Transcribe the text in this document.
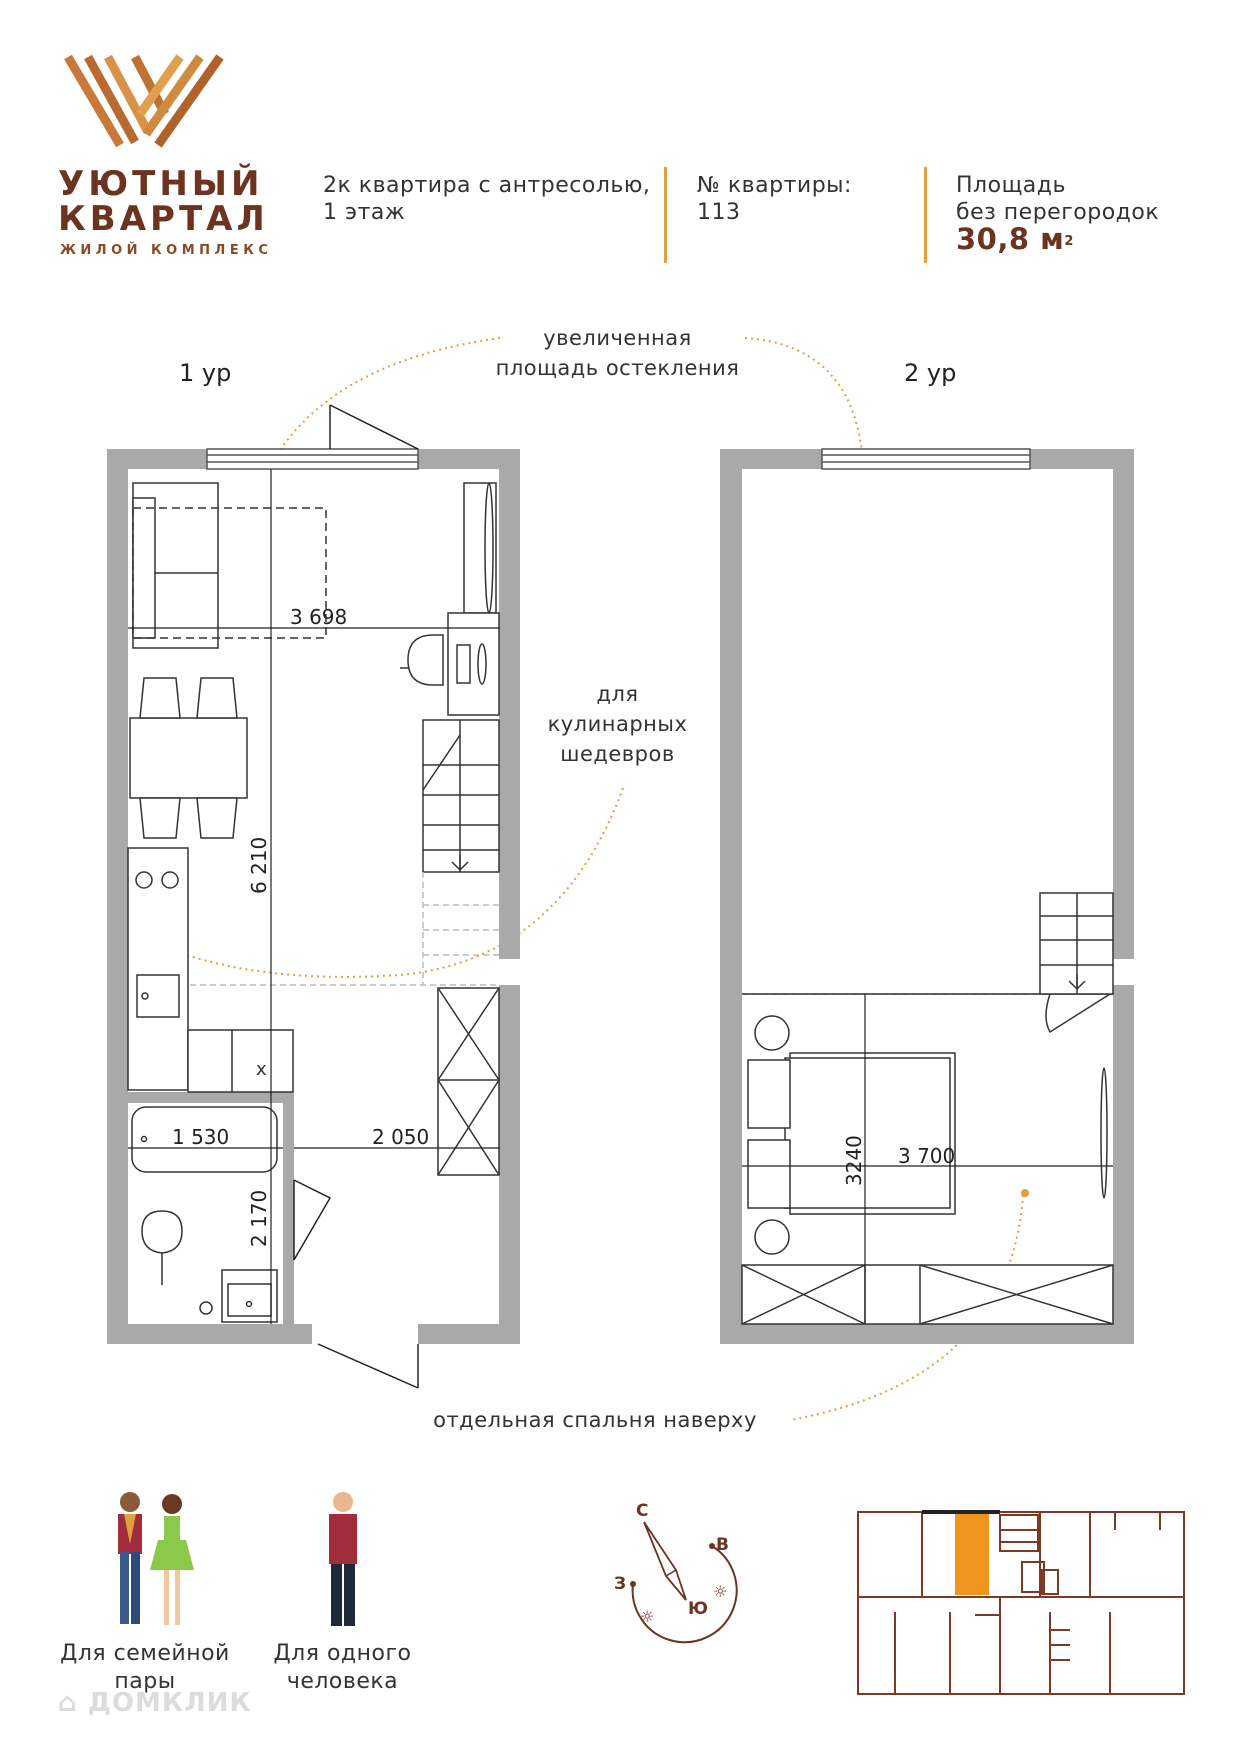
УЮТНЫЙ
КВАРТАЛ
ЖИЛОЙ КОМПЛЕКС
2к квартира с антресолью,
1 этаж
№ квартиры:
113
Площадь
без перегородок
30,8 $м^2$
1 ур	2 ур
увеличенная
площадь остекления
для
кулинарных
шедевров
отдельная спальня наверху
3 698
6 210
1 530	2 050
2 170
x
3240 3 700
С
В
Ю
З	☼
☼
Для семейной
пары
Для одного
человека
⌂ ДОМКЛИК
